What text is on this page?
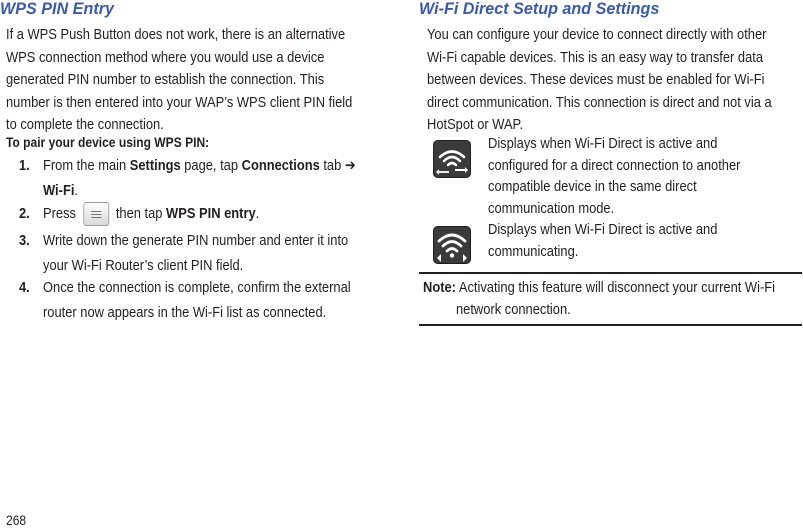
WPS PIN Entry
If a WPS Push Button does not work, there is an alternative
WPS connection method where you would use a device
generated PIN number to establish the connection. This
number is then entered into your WAP’s WPS client PIN field
to complete the connection.
To pair your device using WPS PIN:
1. From the main Settings page, tap Connections tab ➔
Wi-Fi.
2. Press	then tap WPS PIN entry.
3. Write down the generate PIN number and enter it into
your Wi-Fi Router’s client PIN field.
4. Once the connection is complete, confirm the external
router now appears in the Wi-Fi list as connected.
Wi-Fi Direct Setup and Settings
You can configure your device to connect directly with other
Wi-Fi capable devices. This is an easy way to transfer data
between devices. These devices must be enabled for Wi-Fi
direct communication. This connection is direct and not via a
HotSpot or WAP.
Displays when Wi-Fi Direct is active and
configured for a direct connection to another
compatible device in the same direct
communication mode.
Displays when Wi-Fi Direct is active and
communicating.
Note: Activating this feature will disconnect your current Wi-Fi
network connection.
268
